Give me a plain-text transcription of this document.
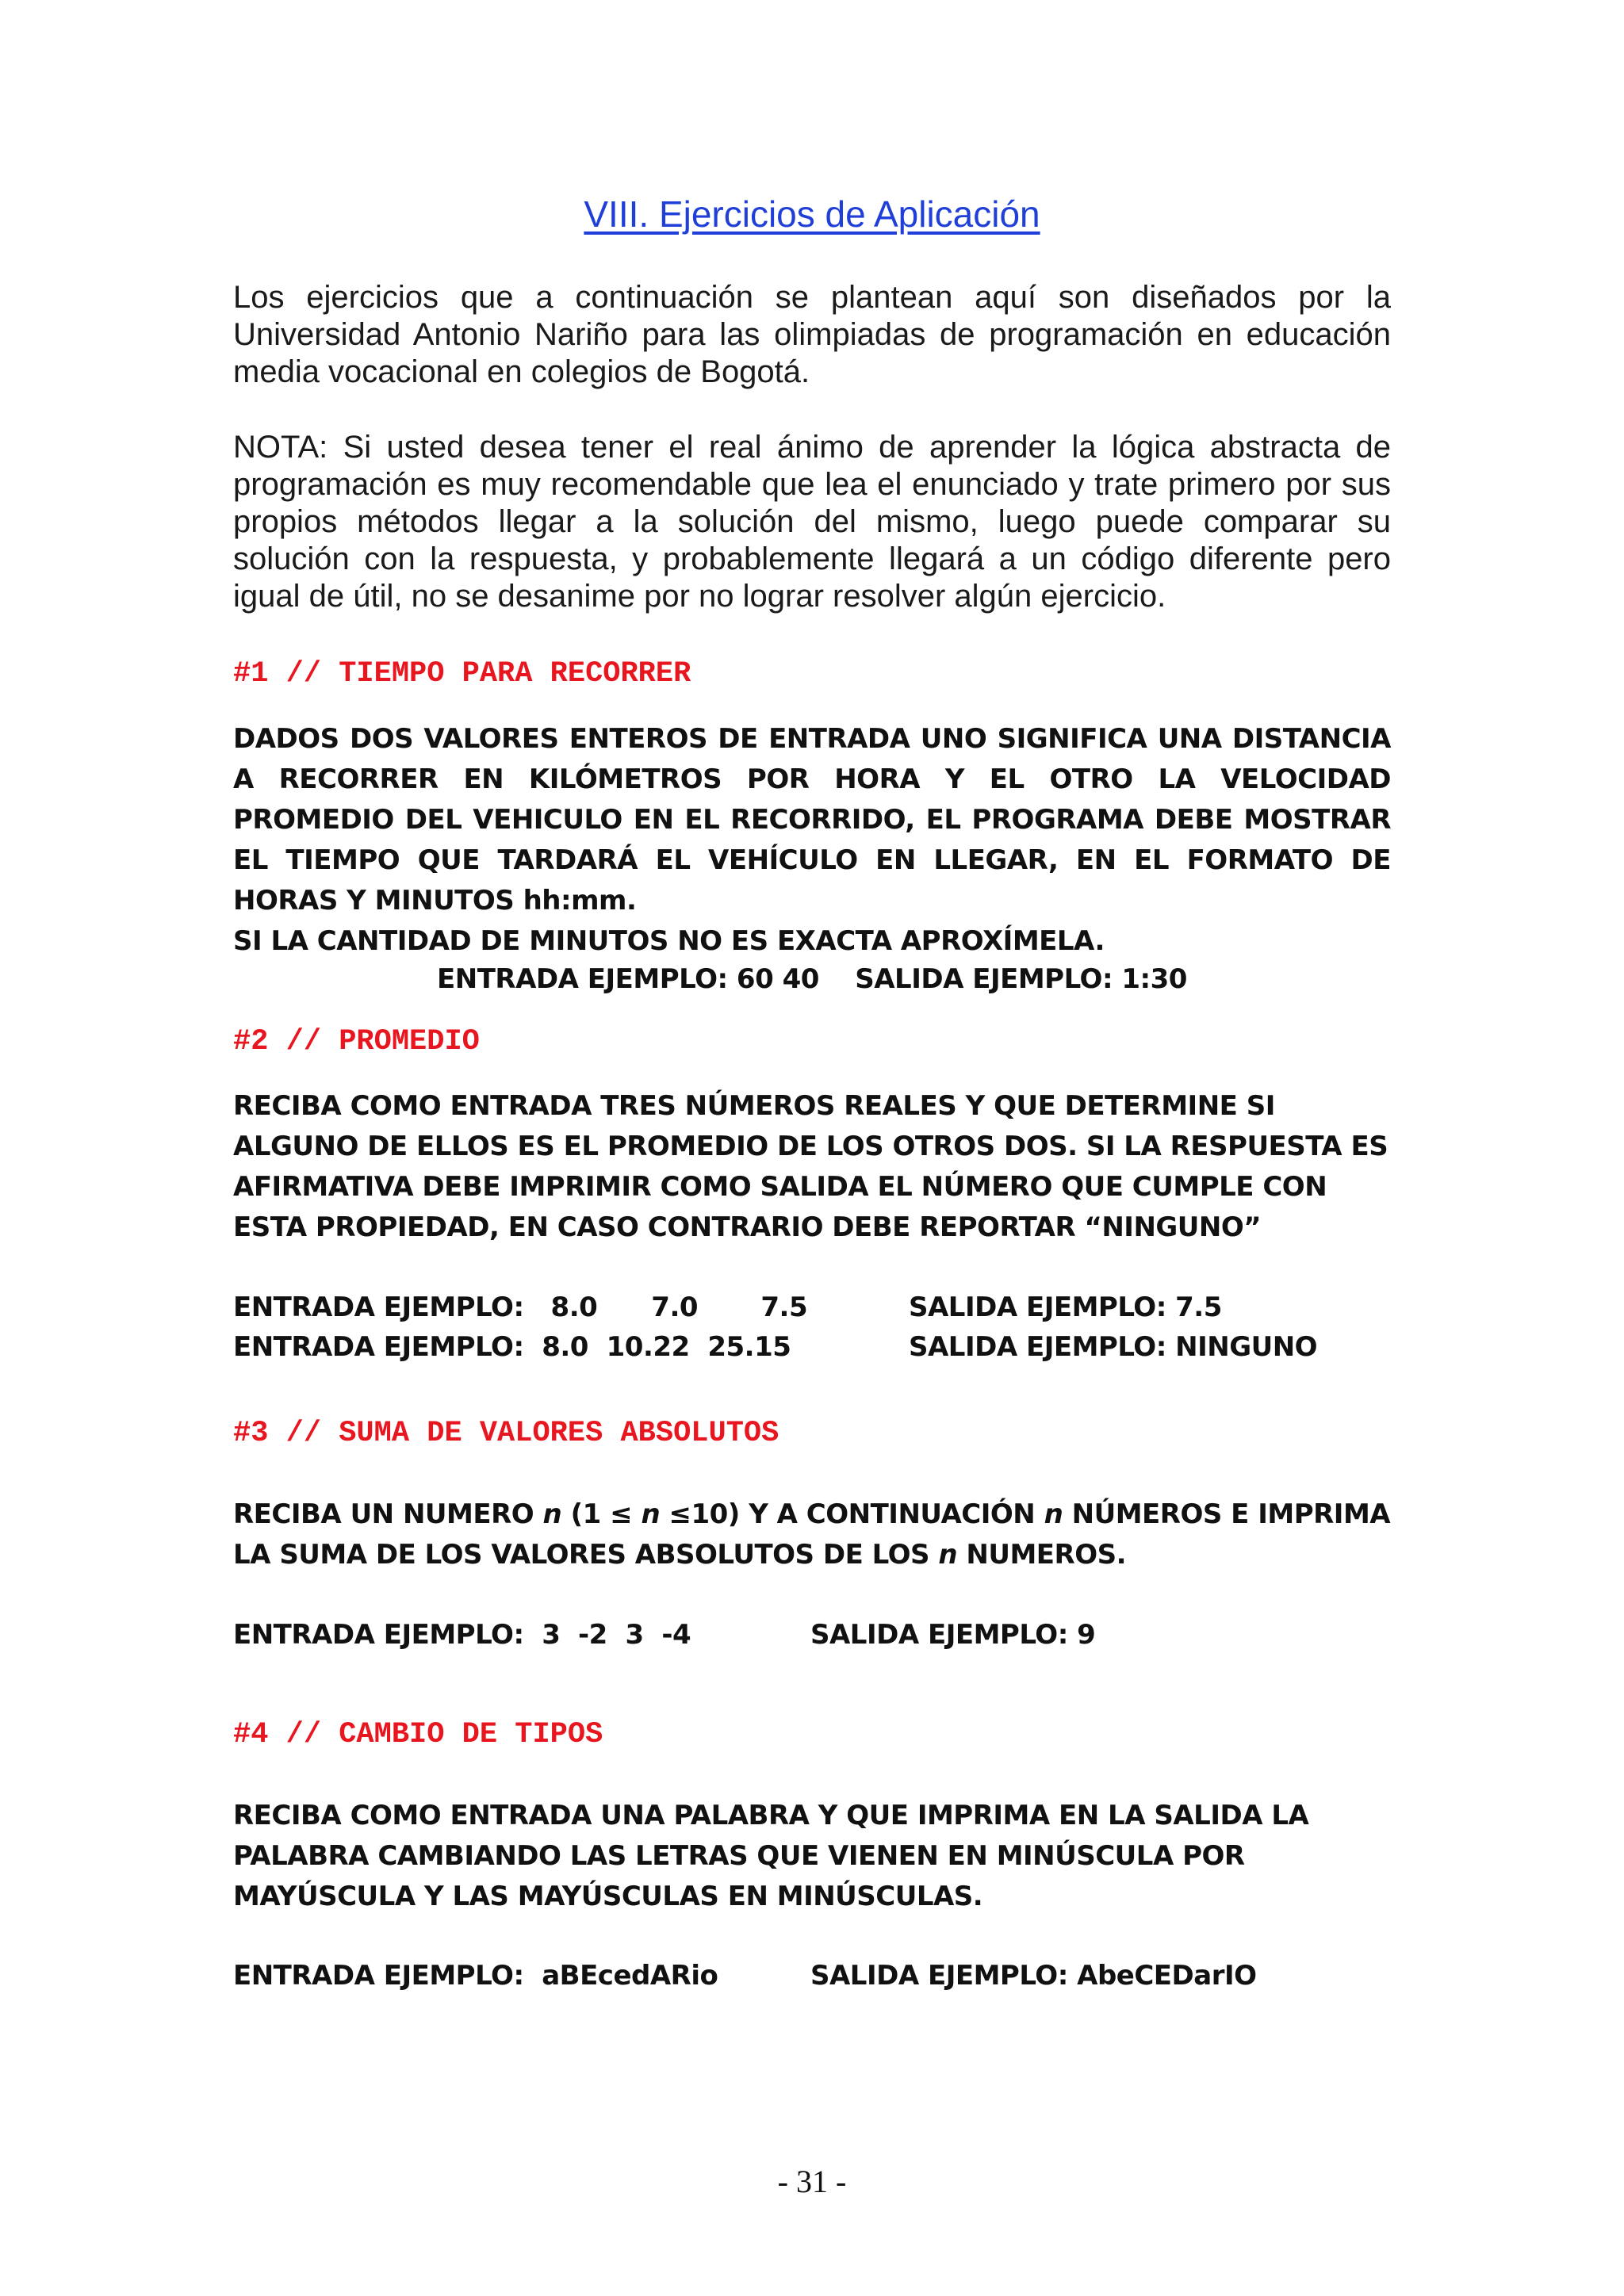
VIII. Ejercicios de Aplicación

Los ejercicios que a continuación se plantean aquí son diseñados por la Universidad Antonio Nariño para las olimpiadas de programación en educación media vocacional en colegios de Bogotá.

NOTA: Si usted desea tener el real ánimo de aprender la lógica abstracta de programación es muy recomendable que lea el enunciado y trate primero por sus propios métodos llegar a la solución del mismo, luego puede comparar su solución con la respuesta, y probablemente llegará a un código diferente pero igual de útil, no se desanime por no lograr resolver algún ejercicio.

#1 // TIEMPO PARA RECORRER

DADOS DOS VALORES ENTEROS DE ENTRADA UNO SIGNIFICA UNA DISTANCIA A RECORRER EN KILÓMETROS POR HORA Y EL OTRO LA VELOCIDAD PROMEDIO DEL VEHICULO EN EL RECORRIDO, EL PROGRAMA DEBE MOSTRAR EL TIEMPO QUE TARDARÁ EL VEHÍCULO EN LLEGAR, EN EL FORMATO DE HORAS Y MINUTOS hh:mm.

SI LA CANTIDAD DE MINUTOS NO ES EXACTA APROXÍMELA.

ENTRADA EJEMPLO: 60 40    SALIDA EJEMPLO: 1:30

#2 // PROMEDIO

RECIBA COMO ENTRADA TRES NÚMEROS REALES Y QUE DETERMINE SI ALGUNO DE ELLOS ES EL PROMEDIO DE LOS OTROS DOS. SI LA RESPUESTA ES AFIRMATIVA DEBE IMPRIMIR COMO SALIDA EL NÚMERO QUE CUMPLE CON ESTA PROPIEDAD, EN CASO CONTRARIO DEBE REPORTAR “NINGUNO”

ENTRADA EJEMPLO:   8.0      7.0       7.5	SALIDA EJEMPLO: 7.5
ENTRADA EJEMPLO:  8.0  10.22  25.15	SALIDA EJEMPLO: NINGUNO

#3 // SUMA DE VALORES ABSOLUTOS

RECIBA UN NUMERO n (1 ≤ n ≤10) Y A CONTINUACIÓN n NÚMEROS E IMPRIMA LA SUMA DE LOS VALORES ABSOLUTOS DE LOS n NUMEROS.

ENTRADA EJEMPLO:  3  -2  3  -4	SALIDA EJEMPLO: 9

#4 // CAMBIO DE TIPOS

RECIBA COMO ENTRADA UNA PALABRA Y QUE IMPRIMA EN LA SALIDA LA PALABRA CAMBIANDO LAS LETRAS QUE VIENEN EN MINÚSCULA POR MAYÚSCULA Y LAS MAYÚSCULAS EN MINÚSCULAS.

ENTRADA EJEMPLO:  aBEcedARio	SALIDA EJEMPLO: AbeCEDarIO
- 31 -
